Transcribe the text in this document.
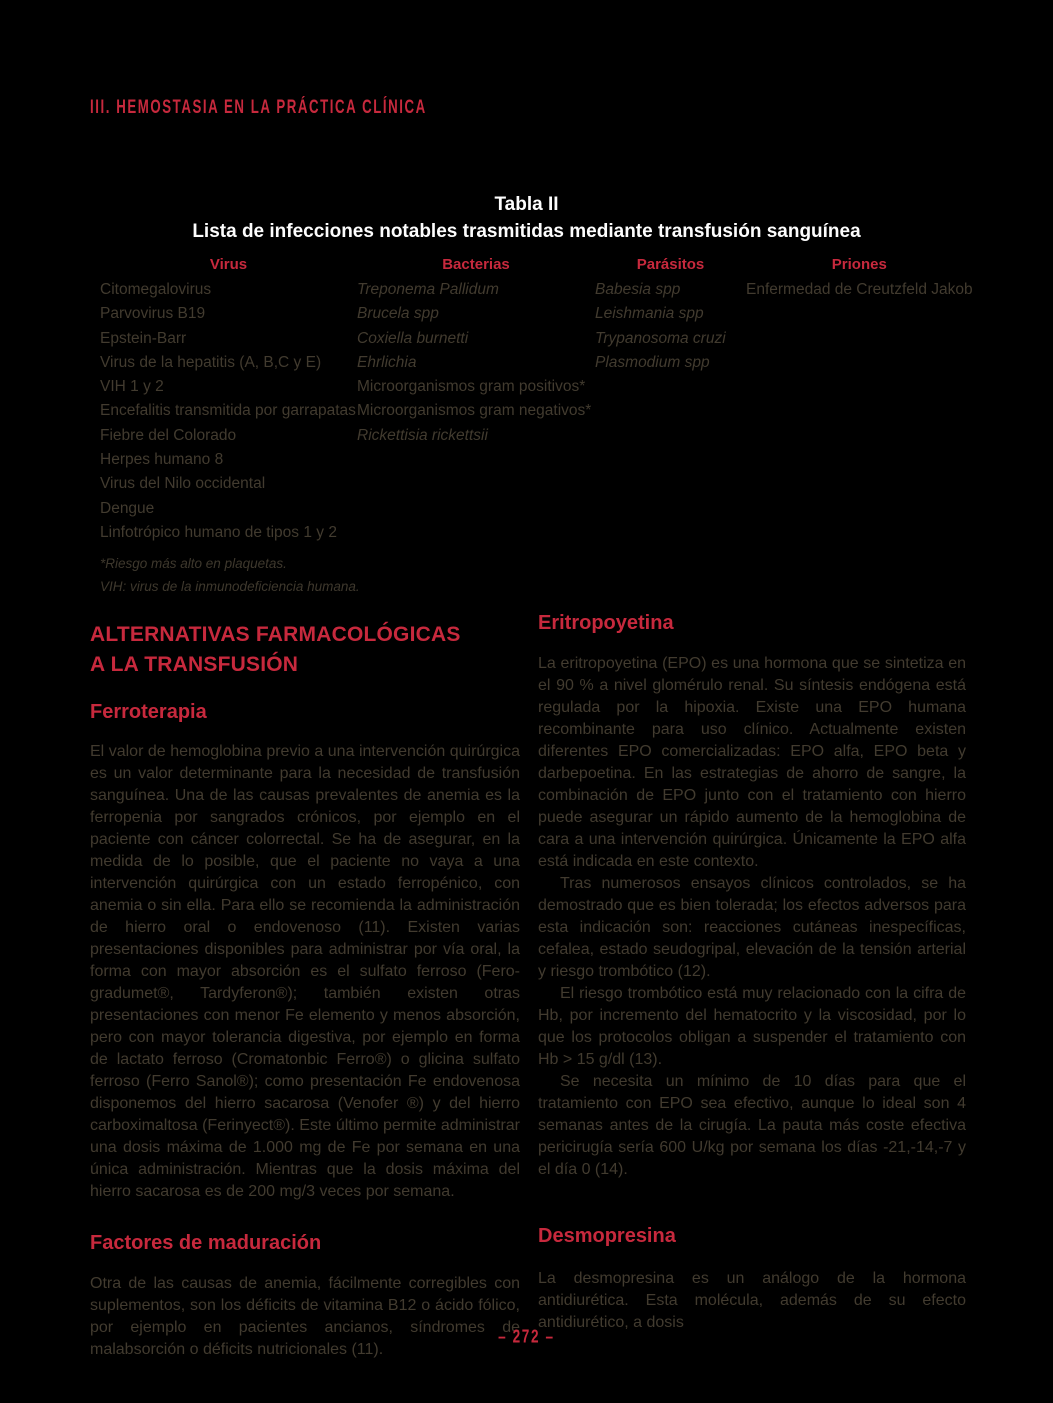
III. HEMOSTASIA EN LA PRÁCTICA CLÍNICA
Tabla II
Lista de infecciones notables trasmitidas mediante transfusión sanguínea
Virus
Citomegalovirus
Parvovirus B19
Epstein-Barr
Virus de la hepatitis (A, B,C y E)
VIH 1 y 2
Encefalitis transmitida por garrapatas
Fiebre del Colorado
Herpes humano 8
Virus del Nilo occidental
Dengue
Linfotrópico humano de tipos 1 y 2
Bacterias
Treponema Pallidum
Brucela spp
Coxiella burnetti
Ehrlichia
Microorganismos gram positivos*
Microorganismos gram negativos*
Rickettisia rickettsii
Parásitos
Babesia spp
Leishmania spp
Trypanosoma cruzi
Plasmodium spp
Priones
Enfermedad de Creutzfeld Jakob
*Riesgo más alto en plaquetas.
VIH: virus de la inmunodeficiencia humana.
ALTERNATIVAS FARMACOLÓGICAS
A LA TRANSFUSIÓN
Ferroterapia

El valor de hemoglobina previo a una intervención quirúrgica es un valor determinante para la necesidad de transfusión sanguínea. Una de las causas prevalentes de anemia es la ferropenia por sangrados crónicos, por ejemplo en el paciente con cáncer colorrectal. Se ha de asegurar, en la medida de lo posible, que el paciente no vaya a una intervención quirúrgica con un estado ferropénico, con anemia o sin ella. Para ello se recomienda la administración de hierro oral o endovenoso (11). Existen varias presentaciones disponibles para administrar por vía oral, la forma con mayor absorción es el sulfato ferroso (Fero-gradumet®, Tardyferon®); también existen otras presentaciones con menor Fe elemento y menos absorción, pero con mayor tolerancia digestiva, por ejemplo en forma de lactato ferroso (Cromatonbic Ferro®) o glicina sulfato ferroso (Ferro Sanol®); como presentación Fe endovenosa disponemos del hierro sacarosa (Venofer ®) y del hierro carboximaltosa (Ferinyect®). Este último permite administrar una dosis máxima de 1.000 mg de Fe por semana en una única administración. Mientras que la dosis máxima del hierro sacarosa es de 200 mg/3 veces por semana.

Factores de maduración

Otra de las causas de anemia, fácilmente corregibles con suplementos, son los déficits de vitamina B12 o ácido fólico, por ejemplo en pacientes ancianos, síndromes de malabsorción o déficits nutricionales (11).

Eritropoyetina

La eritropoyetina (EPO) es una hormona que se sintetiza en el 90 % a nivel glomérulo renal. Su síntesis endógena está regulada por la hipoxia. Existe una EPO humana recombinante para uso clínico. Actualmente existen diferentes EPO comercializadas: EPO alfa, EPO beta y darbepoetina. En las estrategias de ahorro de sangre, la combinación de EPO junto con el tratamiento con hierro puede asegurar un rápido aumento de la hemoglobina de cara a una intervención quirúrgica. Únicamente la EPO alfa está indicada en este contexto.

Tras numerosos ensayos clínicos controlados, se ha demostrado que es bien tolerada; los efectos adversos para esta indicación son: reacciones cutáneas inespecíficas, cefalea, estado seudogripal, elevación de la tensión arterial y riesgo trombótico (12).

El riesgo trombótico está muy relacionado con la cifra de Hb, por incremento del hematocrito y la viscosidad, por lo que los protocolos obligan a suspender el tratamiento con Hb > 15 g/dl (13).

Se necesita un mínimo de 10 días para que el tratamiento con EPO sea efectivo, aunque lo ideal son 4 semanas antes de la cirugía. La pauta más coste efectiva pericirugía sería 600 U/kg por semana los días -21,-14,-7 y el día 0 (14).

Desmopresina

La desmopresina es un análogo de la hormona antidiurética. Esta molécula, además de su efecto antidiurético, a dosis

– 272 –
